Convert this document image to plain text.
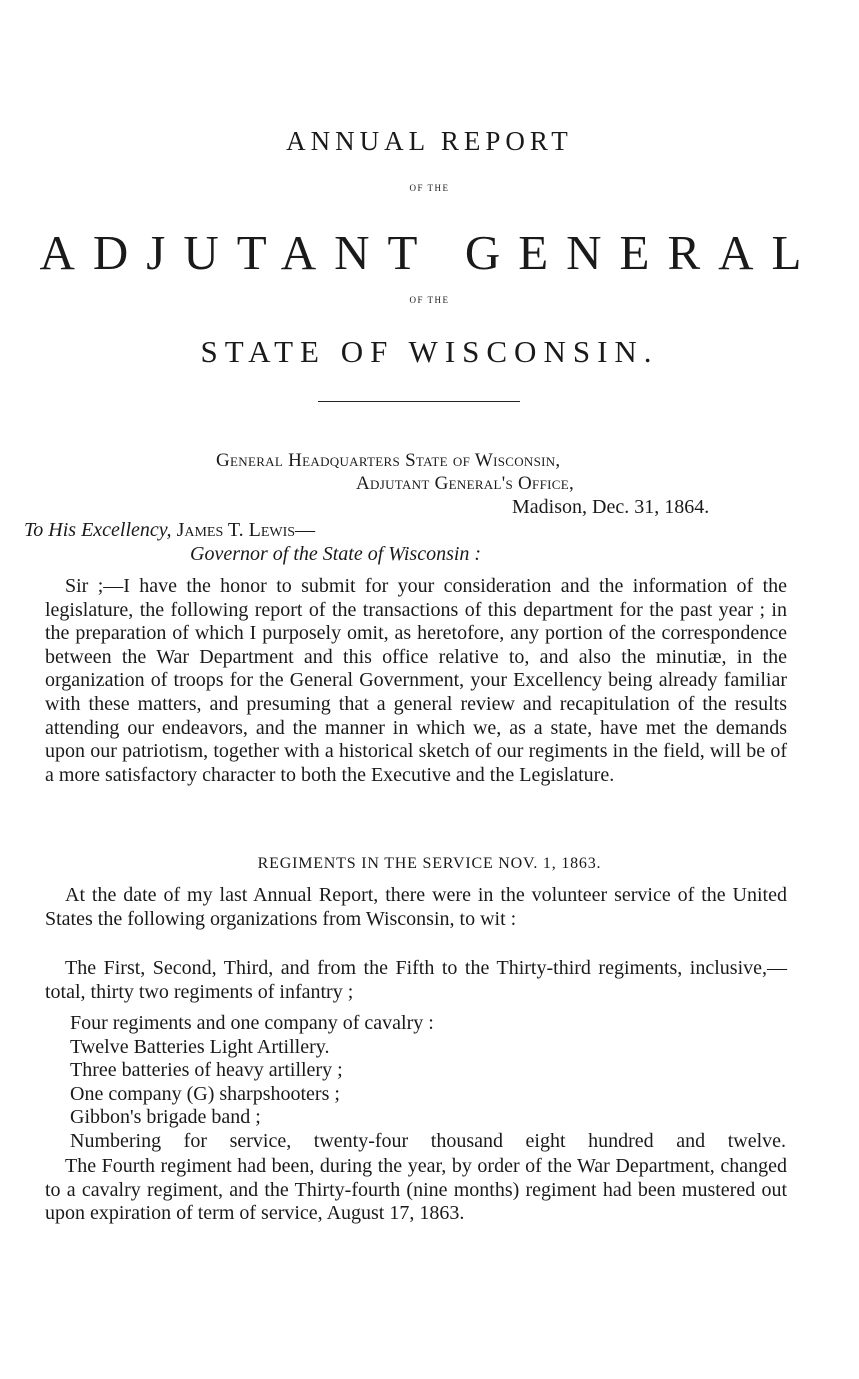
ANNUAL REPORT
OF THE
ADJUTANT GENERAL
OF THE
STATE OF WISCONSIN.
General Headquarters State of Wisconsin,
Adjutant General's Office,
Madison, Dec. 31, 1864.
To His Excellency, James T. Lewis—
Governor of the State of Wisconsin :
Sir ;—I have the honor to submit for your consideration and the information of the legislature, the following report of the transactions of this department for the past year ; in the preparation of which I purposely omit, as heretofore, any portion of the correspondence between the War Department and this office relative to, and also the minutiæ, in the organization of troops for the General Government, your Excellency being already familiar with these matters, and presuming that a general review and recapitulation of the results attending our endeavors, and the manner in which we, as a state, have met the demands upon our patriotism, together with a historical sketch of our regiments in the field, will be of a more satisfactory character to both the Executive and the Legislature.
REGIMENTS IN THE SERVICE NOV. 1, 1863.
At the date of my last Annual Report, there were in the volunteer service of the United States the following organizations from Wisconsin, to wit :
The First, Second, Third, and from the Fifth to the Thirty-third regiments, inclusive,—total, thirty two regiments of infantry ;
Four regiments and one company of cavalry :
Twelve Batteries Light Artillery.
Three batteries of heavy artillery ;
One company (G) sharpshooters ;
Gibbon's brigade band ;
Numbering for service, twenty-four thousand eight hundred and twelve.
The Fourth regiment had been, during the year, by order of the War Department, changed to a cavalry regiment, and the Thirty-fourth (nine months) regiment had been mustered out upon expiration of term of service, August 17, 1863.
